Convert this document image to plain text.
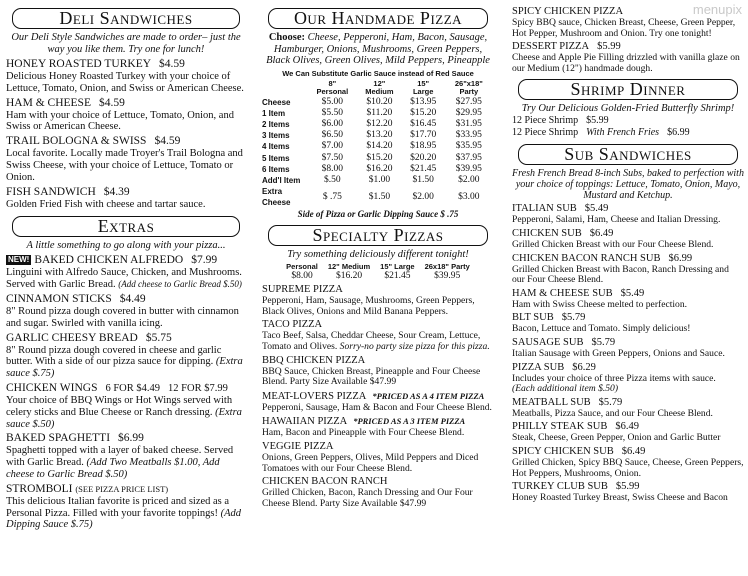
menupix
Deli Sandwiches
Our Deli Style Sandwiches are made to order– just the way you like them. Try one for lunch!
HONEY ROASTED TURKEY $4.59
Delicious Honey Roasted Turkey with your choice of Lettuce, Tomato, Onion, and Swiss or American Cheese.
HAM & CHEESE $4.59
Ham with your choice of Lettuce, Tomato, Onion, and Swiss or American Cheese.
TRAIL BOLOGNA & SWISS $4.59
Local favorite. Locally made Troyer's Trail Bologna and Swiss Cheese, with your choice of Lettuce, Tomato or Onion.
FISH SANDWICH $4.39
Golden Fried Fish with cheese and tartar sauce.
Extras
A little something to go along with your pizza...
NEW! BAKED CHICKEN ALFREDO $7.99
Linguini with Alfredo Sauce, Chicken, and Mushrooms. Served with Garlic Bread. (Add cheese to Garlic Bread $.50)
CINNAMON STICKS $4.49
8" Round pizza dough covered in butter with cinnamon and sugar. Swirled with vanilla icing.
GARLIC CHEESY BREAD $5.75
8" Round pizza dough covered in cheese and garlic butter. With a side of our pizza sauce for dipping. (Extra sauce $.75)
CHICKEN WINGS 6 FOR $4.49 12 FOR $7.99
Your choice of BBQ Wings or Hot Wings served with celery sticks and Blue Cheese or Ranch dressing. (Extra sauce $.50)
BAKED SPAGHETTI $6.99
Spaghetti topped with a layer of baked cheese. Served with Garlic Bread. (Add Two Meatballs $1.00, Add cheese to Garlic Bread $.50)
STROMBOLI (SEE PIZZA PRICE LIST)
This delicious Italian favorite is priced and sized as a Personal Pizza. Filled with your favorite toppings! (Add Dipping Sauce $.75)
Our Handmade Pizza
Choose: Cheese, Pepperoni, Ham, Bacon, Sausage, Hamburger, Onions, Mushrooms, Green Peppers, Black Olives, Green Olives, Mild Peppers, Pineapple
We Can Substitute Garlic Sauce instead of Red Sauce
	8" Personal	12" Medium	15" Large	26"x18" Party
Cheese	$5.00	$10.20	$13.95	$27.95
1 Item	$5.50	$11.20	$15.20	$29.95
2 Items	$6.00	$12.20	$16.45	$31.95
3 Items	$6.50	$13.20	$17.70	$33.95
4 Items	$7.00	$14.20	$18.95	$35.95
5 Items	$7.50	$15.20	$20.20	$37.95
6 Items	$8.00	$16.20	$21.45	$39.95
Add'l Item	$.50	$1.00	$1.50	$2.00
Extra Cheese	$ .75	$1.50	$2.00	$3.00
Side of Pizza or Garlic Dipping Sauce $ .75
Specialty Pizzas
Try something deliciously different tonight!
Personal	12" Medium	15" Large	26x18" Party
$8.00	$16.20	$21.45	$39.95
SUPREME PIZZA
Pepperoni, Ham, Sausage, Mushrooms, Green Peppers, Black Olives, Onions and Mild Banana Peppers.
TACO PIZZA
Taco Beef, Salsa, Cheddar Cheese, Sour Cream, Lettuce, Tomato and Olives. Sorry-no party size pizza for this pizza.
BBQ CHICKEN PIZZA
BBQ Sauce, Chicken Breast, Pineapple and Four Cheese Blend. Party Size Available $47.99
MEAT-LOVERS PIZZA *PRICED AS A 4 ITEM PIZZA
Pepperoni, Sausage, Ham & Bacon and Four Cheese Blend.
HAWAIIAN PIZZA *PRICED AS A 3 ITEM PIZZA
Ham, Bacon and Pineapple with Four Cheese Blend.
VEGGIE PIZZA
Onions, Green Peppers, Olives, Mild Peppers and Diced Tomatoes with our Four Cheese Blend.
CHICKEN BACON RANCH
Grilled Chicken, Bacon, Ranch Dressing and Our Four Cheese Blend. Party Size Available $47.99
SPICY CHICKEN PIZZA
Spicy BBQ sauce, Chicken Breast, Cheese, Green Pepper, Hot Pepper, Mushroom and Onion. Try one tonight!
DESSERT PIZZA $5.99
Cheese and Apple Pie Filling drizzled with vanilla glaze on our Medium (12") handmade dough.
Shrimp Dinner
Try Our Delicious Golden-Fried Butterfly Shrimp!
12 Piece Shrimp $5.99
12 Piece Shrimp With French Fries $6.99
Sub Sandwiches
Fresh French Bread 8-inch Subs, baked to perfection with your choice of toppings: Lettuce, Tomato, Onion, Mayo, Mustard and Ketchup.
ITALIAN SUB $5.49
Pepperoni, Salami, Ham, Cheese and Italian Dressing.
CHICKEN SUB $6.49
Grilled Chicken Breast with our Four Cheese Blend.
CHICKEN BACON RANCH SUB $6.99
Grilled Chicken Breast with Bacon, Ranch Dressing and our Four Cheese Blend.
HAM & CHEESE SUB $5.49
Ham with Swiss Cheese melted to perfection.
BLT SUB $5.79
Bacon, Lettuce and Tomato. Simply delicious!
SAUSAGE SUB $5.79
Italian Sausage with Green Peppers, Onions and Sauce.
PIZZA SUB $6.29
Includes your choice of three Pizza items with sauce.
(Each additional item $.50)
MEATBALL SUB $5.79
Meatballs, Pizza Sauce, and our Four Cheese Blend.
PHILLY STEAK SUB $6.49
Steak, Cheese, Green Pepper, Onion and Garlic Butter
SPICY CHICKEN SUB $6.49
Grilled Chicken, Spicy BBQ Sauce, Cheese, Green Peppers, Hot Peppers, Mushrooms, Onion.
TURKEY CLUB SUB $5.99
Honey Roasted Turkey Breast, Swiss Cheese and Bacon
